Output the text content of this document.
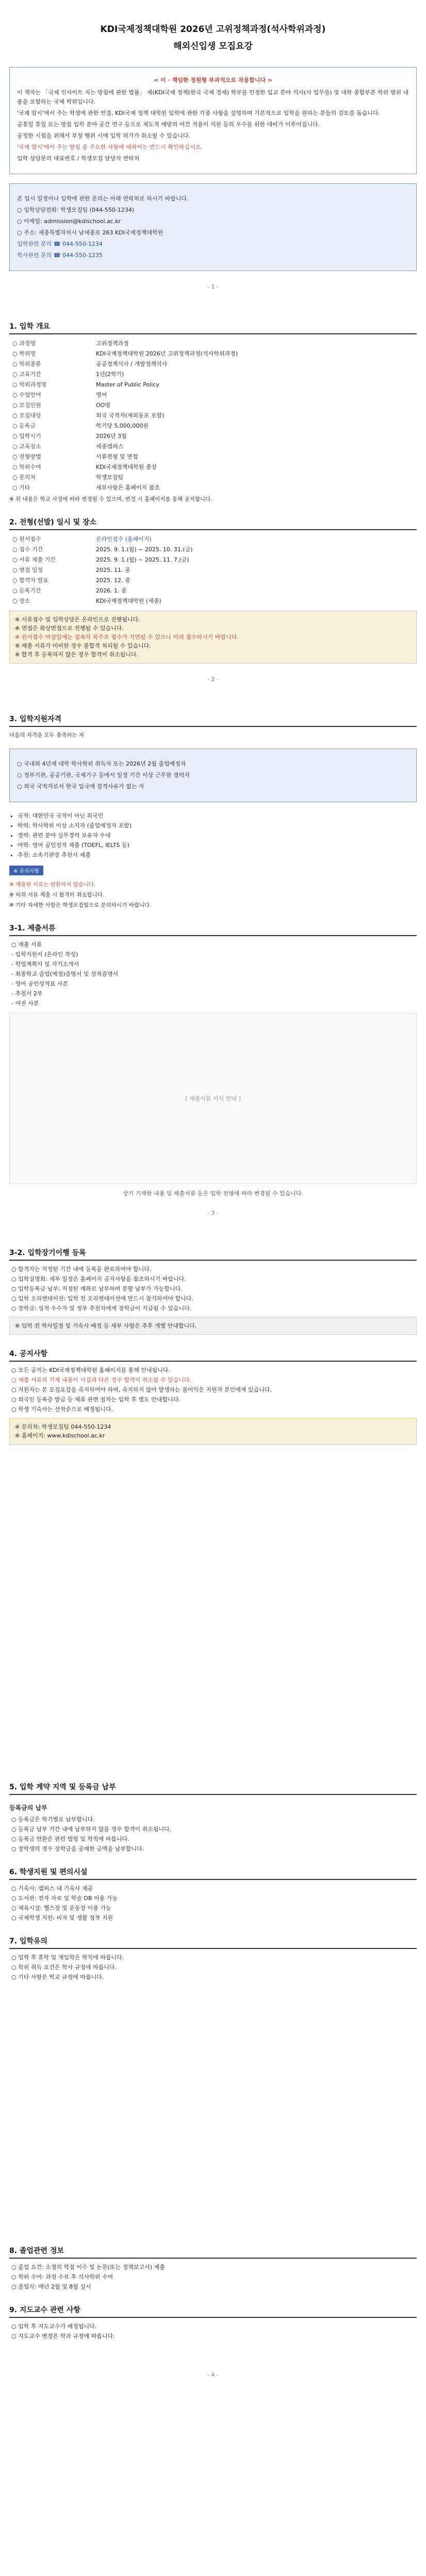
KDI국제정책대학원 2026년 고위정책과정(석사학위과정)
해외신입생 모집요강
< 이 · 책임한 정원형 부과적으로 작용합니다 >

이 책자는 「국제 인사이트 지는 방침에 관한 법률」 제(KDI국제 정책(한국 국제 경제) 학부를 인정한 입교 분야 석사(사 업무를) 및 대학 종합부분 학위 범위 내용을 포함하는 국제 학위입니다.

'국제 알시'에서 주는 학생에 관한 연결, KDI국제 정책 대학원 입학에 관한 각종 사항을 설명하며 기본적으로 입학을 원하는 분들의 검토를 돕습니다.

공휴일 휴일 또는 방침 입학 분야 공간 연구 등으로 제도적 예방의 여건 적용이 지원 등의 우수를 위한 대비가 이루어집니다.

공정한 시험을 위해서 부정 행위 시에 입학 허가가 취소될 수 있습니다.

'국제 알시'에서 주는 방침 중 주요한 사항에 대하여는 반드시 확인하십시오.

입학 상담문의 대표번호 / 학생모집 담당자 연락처

본 입시 일정이나 입학에 관한 문의는 아래 연락처로 하시기 바랍니다.

○ 입학상담전화: 학생모집팀 (044-550-1234)

○ 이메일: admission@kdischool.ac.kr

○ 주소: 세종특별자치시 남세종로 263 KDI국제정책대학원

입학관련 문의 ☎ 044-550-1234

학사관련 문의 ☎ 044-550-1235

- 1 -
1. 입학 개요
○ 과정명	고위정책과정
○ 학위명	KDI국제정책대학원 2026년 고위정책과정(석사학위과정)
○ 학위종류	공공정책석사 / 개발정책석사
○ 교육기간	1년(2학기)
○ 학위과정명	Master of Public Policy
○ 수업언어	영어
○ 모집인원	OO명
○ 모집대상	외국 국적자(재외동포 포함)
○ 등록금	학기당 5,000,000원
○ 입학시기	2026년 3월
○ 교육장소	세종캠퍼스
○ 전형방법	서류전형 및 면접
○ 학위수여	KDI국제정책대학원 총장
○ 문의처	학생모집팀
○ 기타	세부사항은 홈페이지 참조

※ 위 내용은 학교 사정에 따라 변경될 수 있으며, 변경 시 홈페이지를 통해 공지합니다.

2. 전형(선발) 일시 및 장소
○ 원서접수	온라인접수 (홈페이지)
○ 접수 기간	2025. 9. 1.(월) ~ 2025. 10. 31.(금)
○ 서류 제출 기간	2025. 9. 1.(월) ~ 2025. 11. 7.(금)
○ 면접 일정	2025. 11. 중
○ 합격자 발표	2025. 12. 중
○ 등록기간	2026. 1. 중
○ 장소	KDI국제정책대학원 (세종)
※ 서류접수 및 입학상담은 온라인으로 진행됩니다.
※ 면접은 화상면접으로 진행될 수 있습니다.
※ 원서접수 마감일에는 접속자 폭주로 접수가 지연될 수 있으니 미리 접수하시기 바랍니다.
※ 제출 서류가 미비한 경우 불합격 처리될 수 있습니다.
※ 합격 후 등록하지 않은 경우 합격이 취소됩니다.
- 2 -
3. 입학지원자격

다음의 자격을 모두 충족하는 자

○ 국내외 4년제 대학 학사학위 취득자 또는 2026년 2월 졸업예정자

○ 정부기관, 공공기관, 국제기구 등에서 일정 기간 이상 근무한 경력자

○ 외국 국적자로서 한국 입국에 결격사유가 없는 자

• 국적: 대한민국 국적이 아닌 외국인
• 학력: 학사학위 이상 소지자 (졸업예정자 포함)
• 경력: 관련 분야 실무경력 보유자 우대
• 어학: 영어 공인성적 제출 (TOEFL, IELTS 등)
• 추천: 소속기관장 추천서 제출
※ 유의사항

※ 제출된 서류는 반환하지 않습니다.

※ 허위 서류 제출 시 합격이 취소됩니다.

※ 기타 자세한 사항은 학생모집팀으로 문의하시기 바랍니다.

3-1. 제출서류
○ 제출 서류
- 입학지원서 (온라인 작성)
- 학업계획서 및 자기소개서
- 최종학교 졸업(예정)증명서 및 성적증명서
- 영어 공인성적표 사본
- 추천서 2부
- 여권 사본
[ 제출서류 서식 안내 ]
상기 기재한 내용 및 제출서류 등은 입학 전형에 따라 변경될 수 있습니다.
- 3 -
3-2. 입학장기이행 등록
○ 합격자는 지정된 기간 내에 등록을 완료하여야 합니다.
○ 입학설명회: 세부 일정은 홈페이지 공지사항을 참조하시기 바랍니다.
○ 입학등록금 납부: 지정된 계좌로 납부하며 분할 납부가 가능합니다.
○ 입학 오리엔테이션: 입학 전 오리엔테이션에 반드시 참석하여야 합니다.
○ 장학금: 성적 우수자 및 정부 추천자에게 장학금이 지급될 수 있습니다.
※ 입학 전 학사일정 및 기숙사 배정 등 세부 사항은 추후 개별 안내합니다.
4. 공지사항
○ 모든 공지는 KDI국제정책대학원 홈페이지를 통해 안내됩니다.
○ 제출 서류의 기재 내용이 사실과 다른 경우 합격이 취소될 수 있습니다.
○ 지원자는 본 모집요강을 숙지하여야 하며, 숙지하지 않아 발생하는 불이익은 지원자 본인에게 있습니다.
○ 외국인 등록증 발급 등 체류 관련 절차는 입학 후 별도 안내합니다.
○ 학생 기숙사는 선착순으로 배정됩니다.
※ 문의처: 학생모집팀 044-550-1234
※ 홈페이지: www.kdischool.ac.kr
5. 입학 계약 지역 및 등록금 납부
등록금의 납부
○ 등록금은 학기별로 납부합니다.
○ 등록금 납부 기간 내에 납부하지 않을 경우 합격이 취소됩니다.
○ 등록금 반환은 관련 법령 및 학칙에 따릅니다.
○ 장학생의 경우 장학금을 공제한 금액을 납부합니다.
6. 학생지원 및 편의시설
○ 기숙사: 캠퍼스 내 기숙사 제공
○ 도서관: 전자 자료 및 학술 DB 이용 가능
○ 체육시설: 헬스장 및 운동장 이용 가능
○ 국제학생 지원: 비자 및 생활 정착 지원
7. 입학유의
○ 입학 후 휴학 및 재입학은 학칙에 따릅니다.
○ 학위 취득 요건은 학사 규정에 따릅니다.
○ 기타 사항은 학교 규정에 따릅니다.
8. 졸업관련 정보
○ 졸업 요건: 소정의 학점 이수 및 논문(또는 정책보고서) 제출
○ 학위 수여: 과정 수료 후 석사학위 수여
○ 졸업식: 매년 2월 및 8월 실시
9. 지도교수 관련 사항
○ 입학 후 지도교수가 배정됩니다.
○ 지도교수 변경은 학과 규정에 따릅니다.
- 4 -
